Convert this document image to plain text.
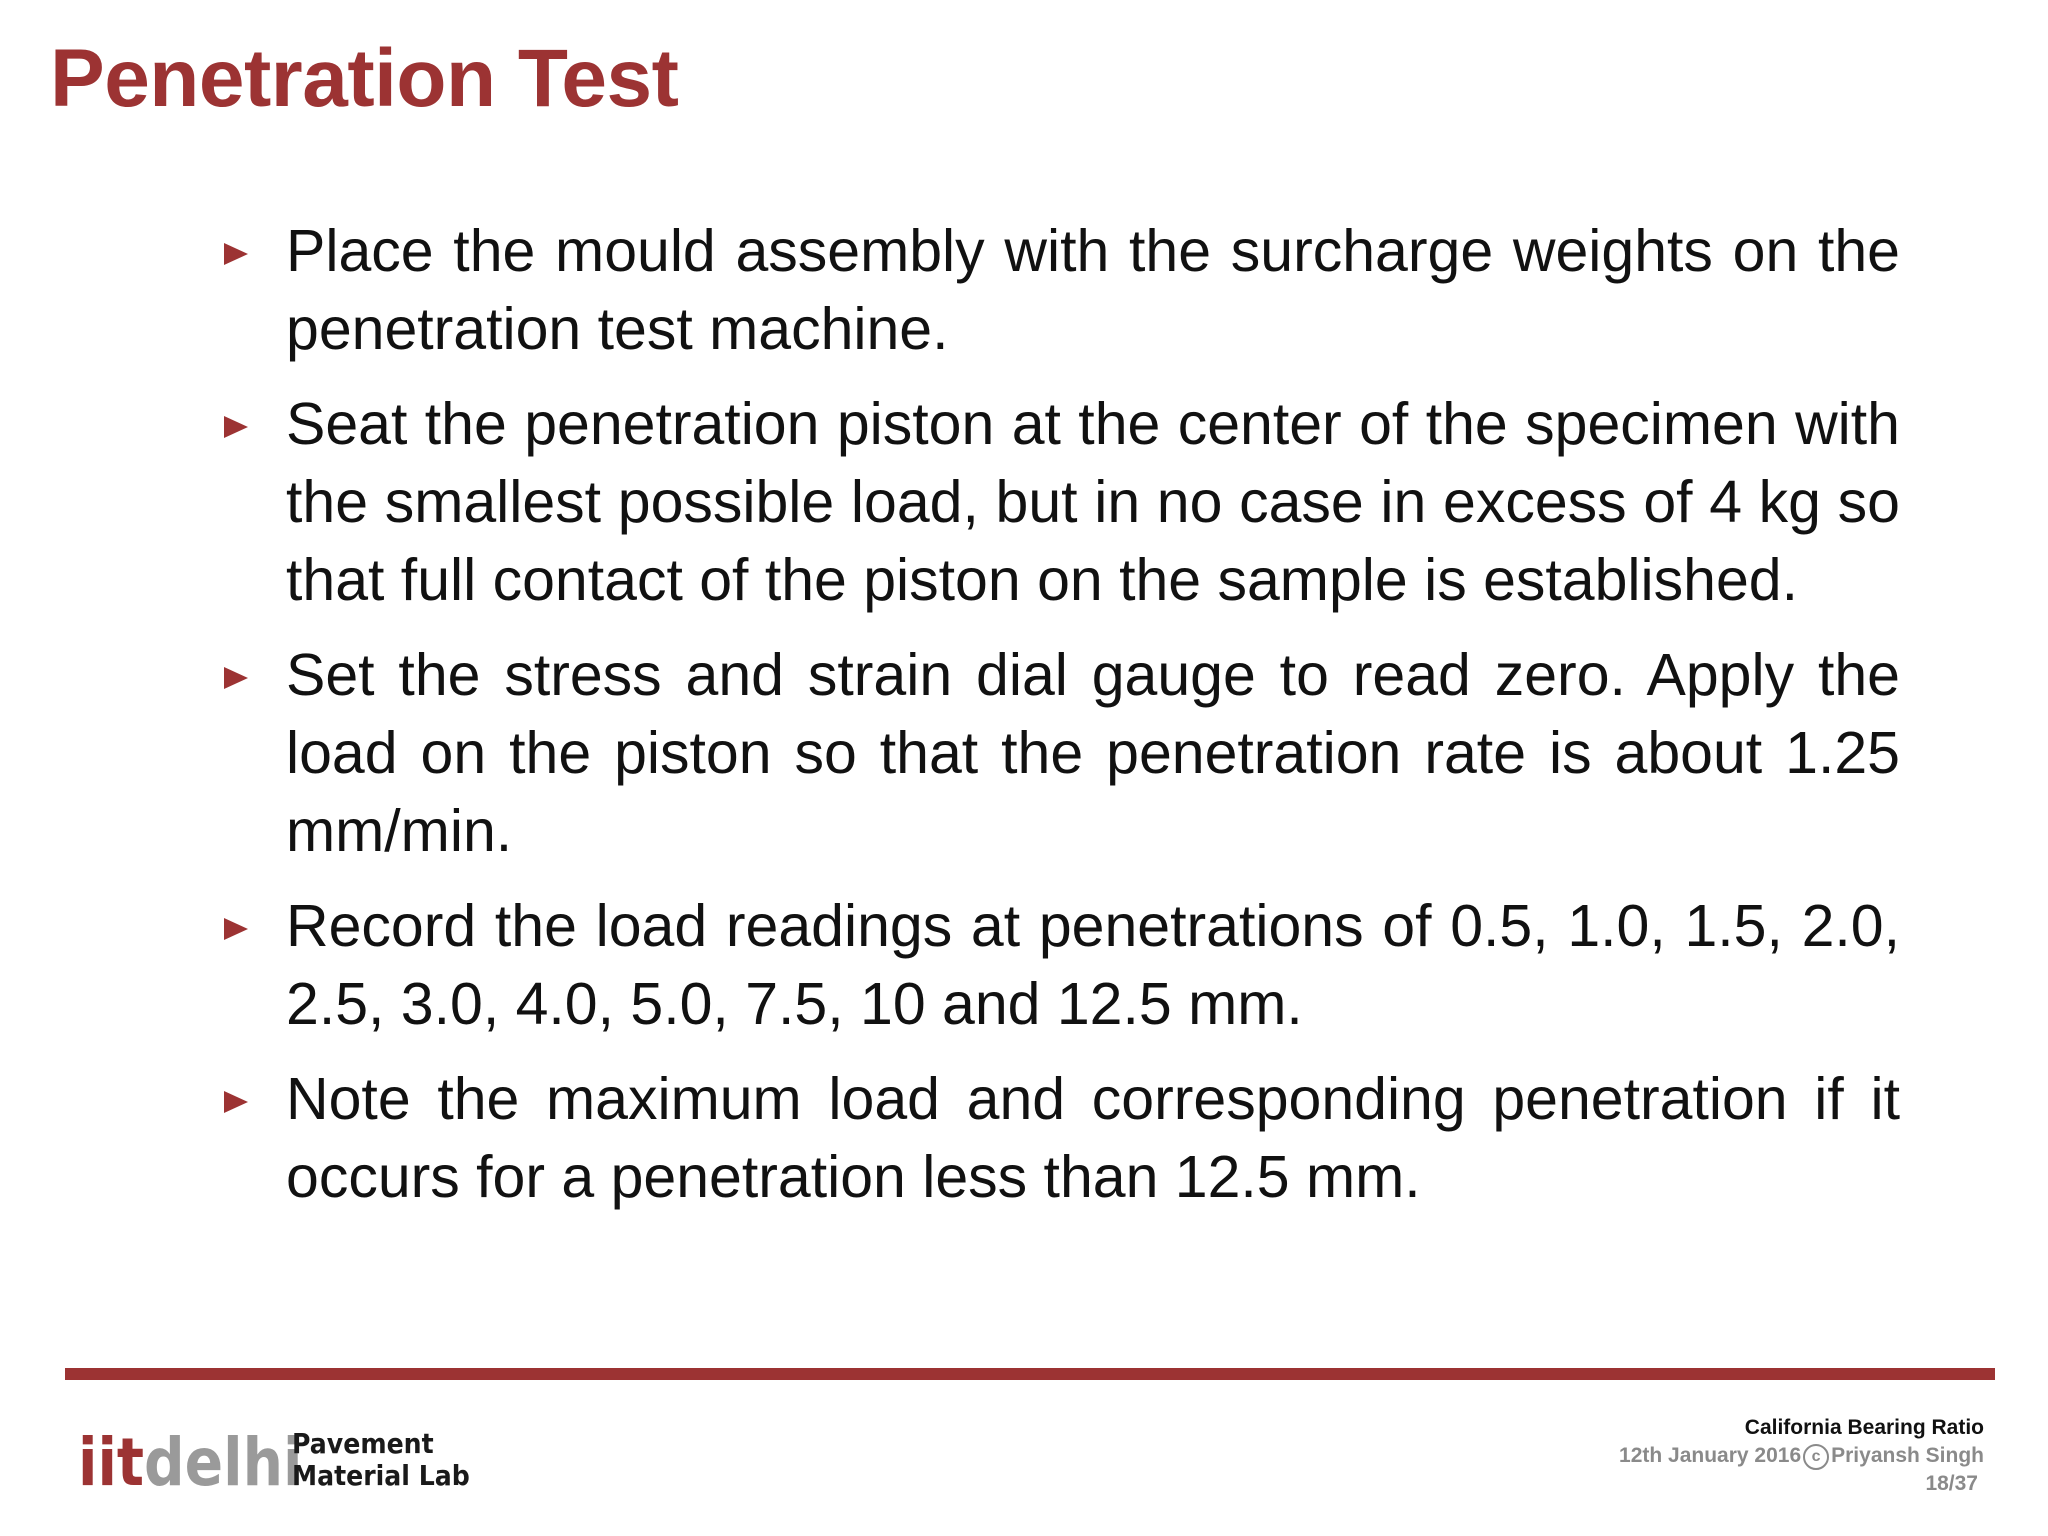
Penetration Test
Place the mould assembly with the surcharge weights on the penetration test machine.
Seat the penetration piston at the center of the specimen with the smallest possible load, but in no case in excess of 4 kg so that full contact of the piston on the sample is established.
Set the stress and strain dial gauge to read zero. Apply the load on the piston so that the penetration rate is about 1.25 mm/min.
Record the load readings at penetrations of 0.5, 1.0, 1.5, 2.0, 2.5, 3.0, 4.0, 5.0, 7.5, 10 and 12.5 mm.
Note the maximum load and corresponding penetration if it occurs for a penetration less than 12.5 mm.
iitdelhi
Pavement
Material Lab
California Bearing Ratio
12th January 2016 c Priyansh Singh
18/37
